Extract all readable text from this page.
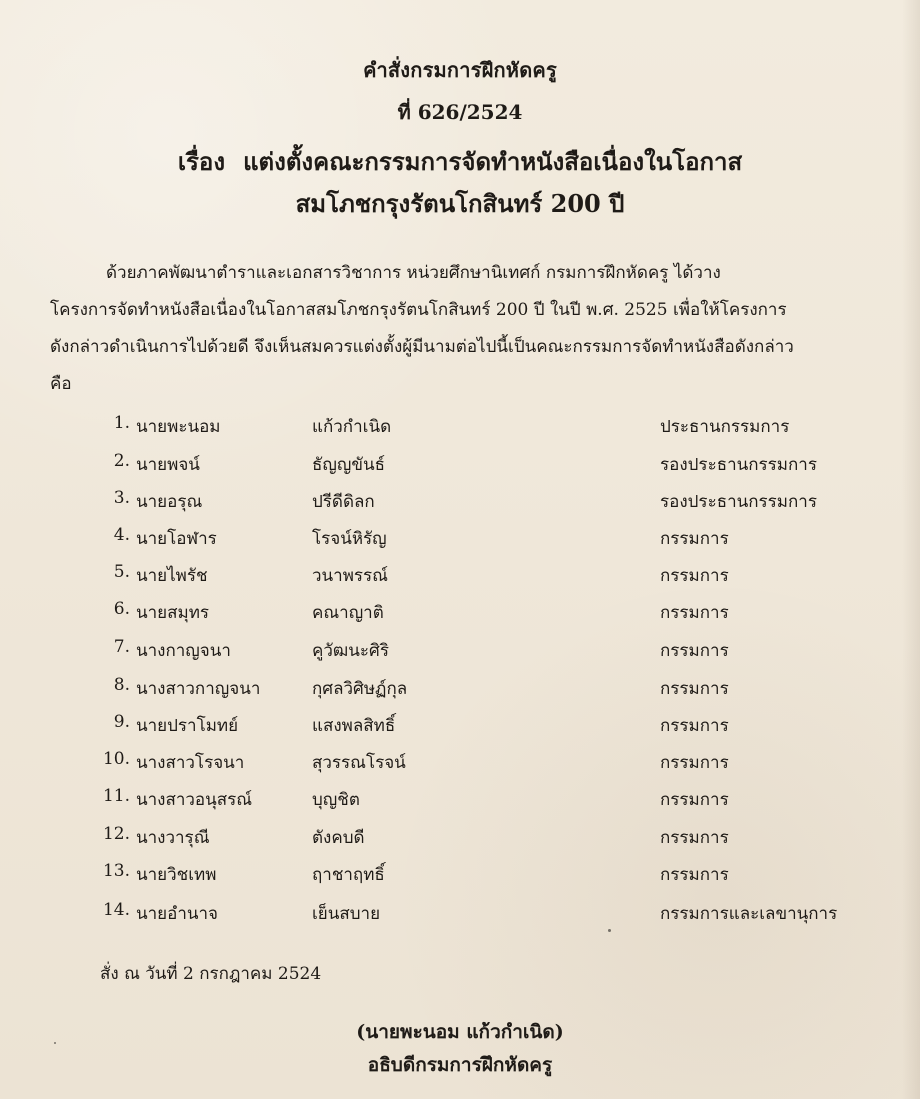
คำสั่งกรมการฝึกหัดครู
ที่ 626/2524
เรื่อง แต่งตั้งคณะกรรมการจัดทำหนังสือเนื่องในโอกาส
สมโภชกรุงรัตนโกสินทร์ 200 ปี
ด้วยภาคพัฒนาตำราและเอกสารวิชาการ หน่วยศึกษานิเทศก์ กรมการฝึกหัดครู ได้วาง
โครงการจัดทำหนังสือเนื่องในโอกาสสมโภชกรุงรัตนโกสินทร์ 200 ปี ในปี พ.ศ. 2525 เพื่อให้โครงการ
ดังกล่าวดำเนินการไปด้วยดี จึงเห็นสมควรแต่งตั้งผู้มีนามต่อไปนี้เป็นคณะกรรมการจัดทำหนังสือดังกล่าว
คือ
1. นายพะนอม	แก้วกำเนิด	ประธานกรรมการ
2. นายพจน์	ธัญญขันธ์	รองประธานกรรมการ
3. นายอรุณ	ปรีดีดิลก	รองประธานกรรมการ
4. นายโอฬาร	โรจน์หิรัญ	กรรมการ
5. นายไพรัช	วนาพรรณ์	กรรมการ
6. นายสมุทร	คณาญาติ	กรรมการ
7. นางกาญจนา	คูวัฒนะศิริ	กรรมการ
8. นางสาวกาญจนา	กุศลวิศิษฏ์กุล	กรรมการ
9. นายปราโมทย์	แสงพลสิทธิ์	กรรมการ
10. นางสาวโรจนา	สุวรรณโรจน์	กรรมการ
11. นางสาวอนุสรณ์	บุญชิต	กรรมการ
12. นางวารุณี	ตังคบดี	กรรมการ
13. นายวิชเทพ	ฤาชาฤทธิ์	กรรมการ
14. นายอำนาจ	เย็นสบาย	กรรมการและเลขานุการ
สั่ง ณ วันที่ 2 กรกฎาคม 2524
(นายพะนอม แก้วกำเนิด)
อธิบดีกรมการฝึกหัดครู
